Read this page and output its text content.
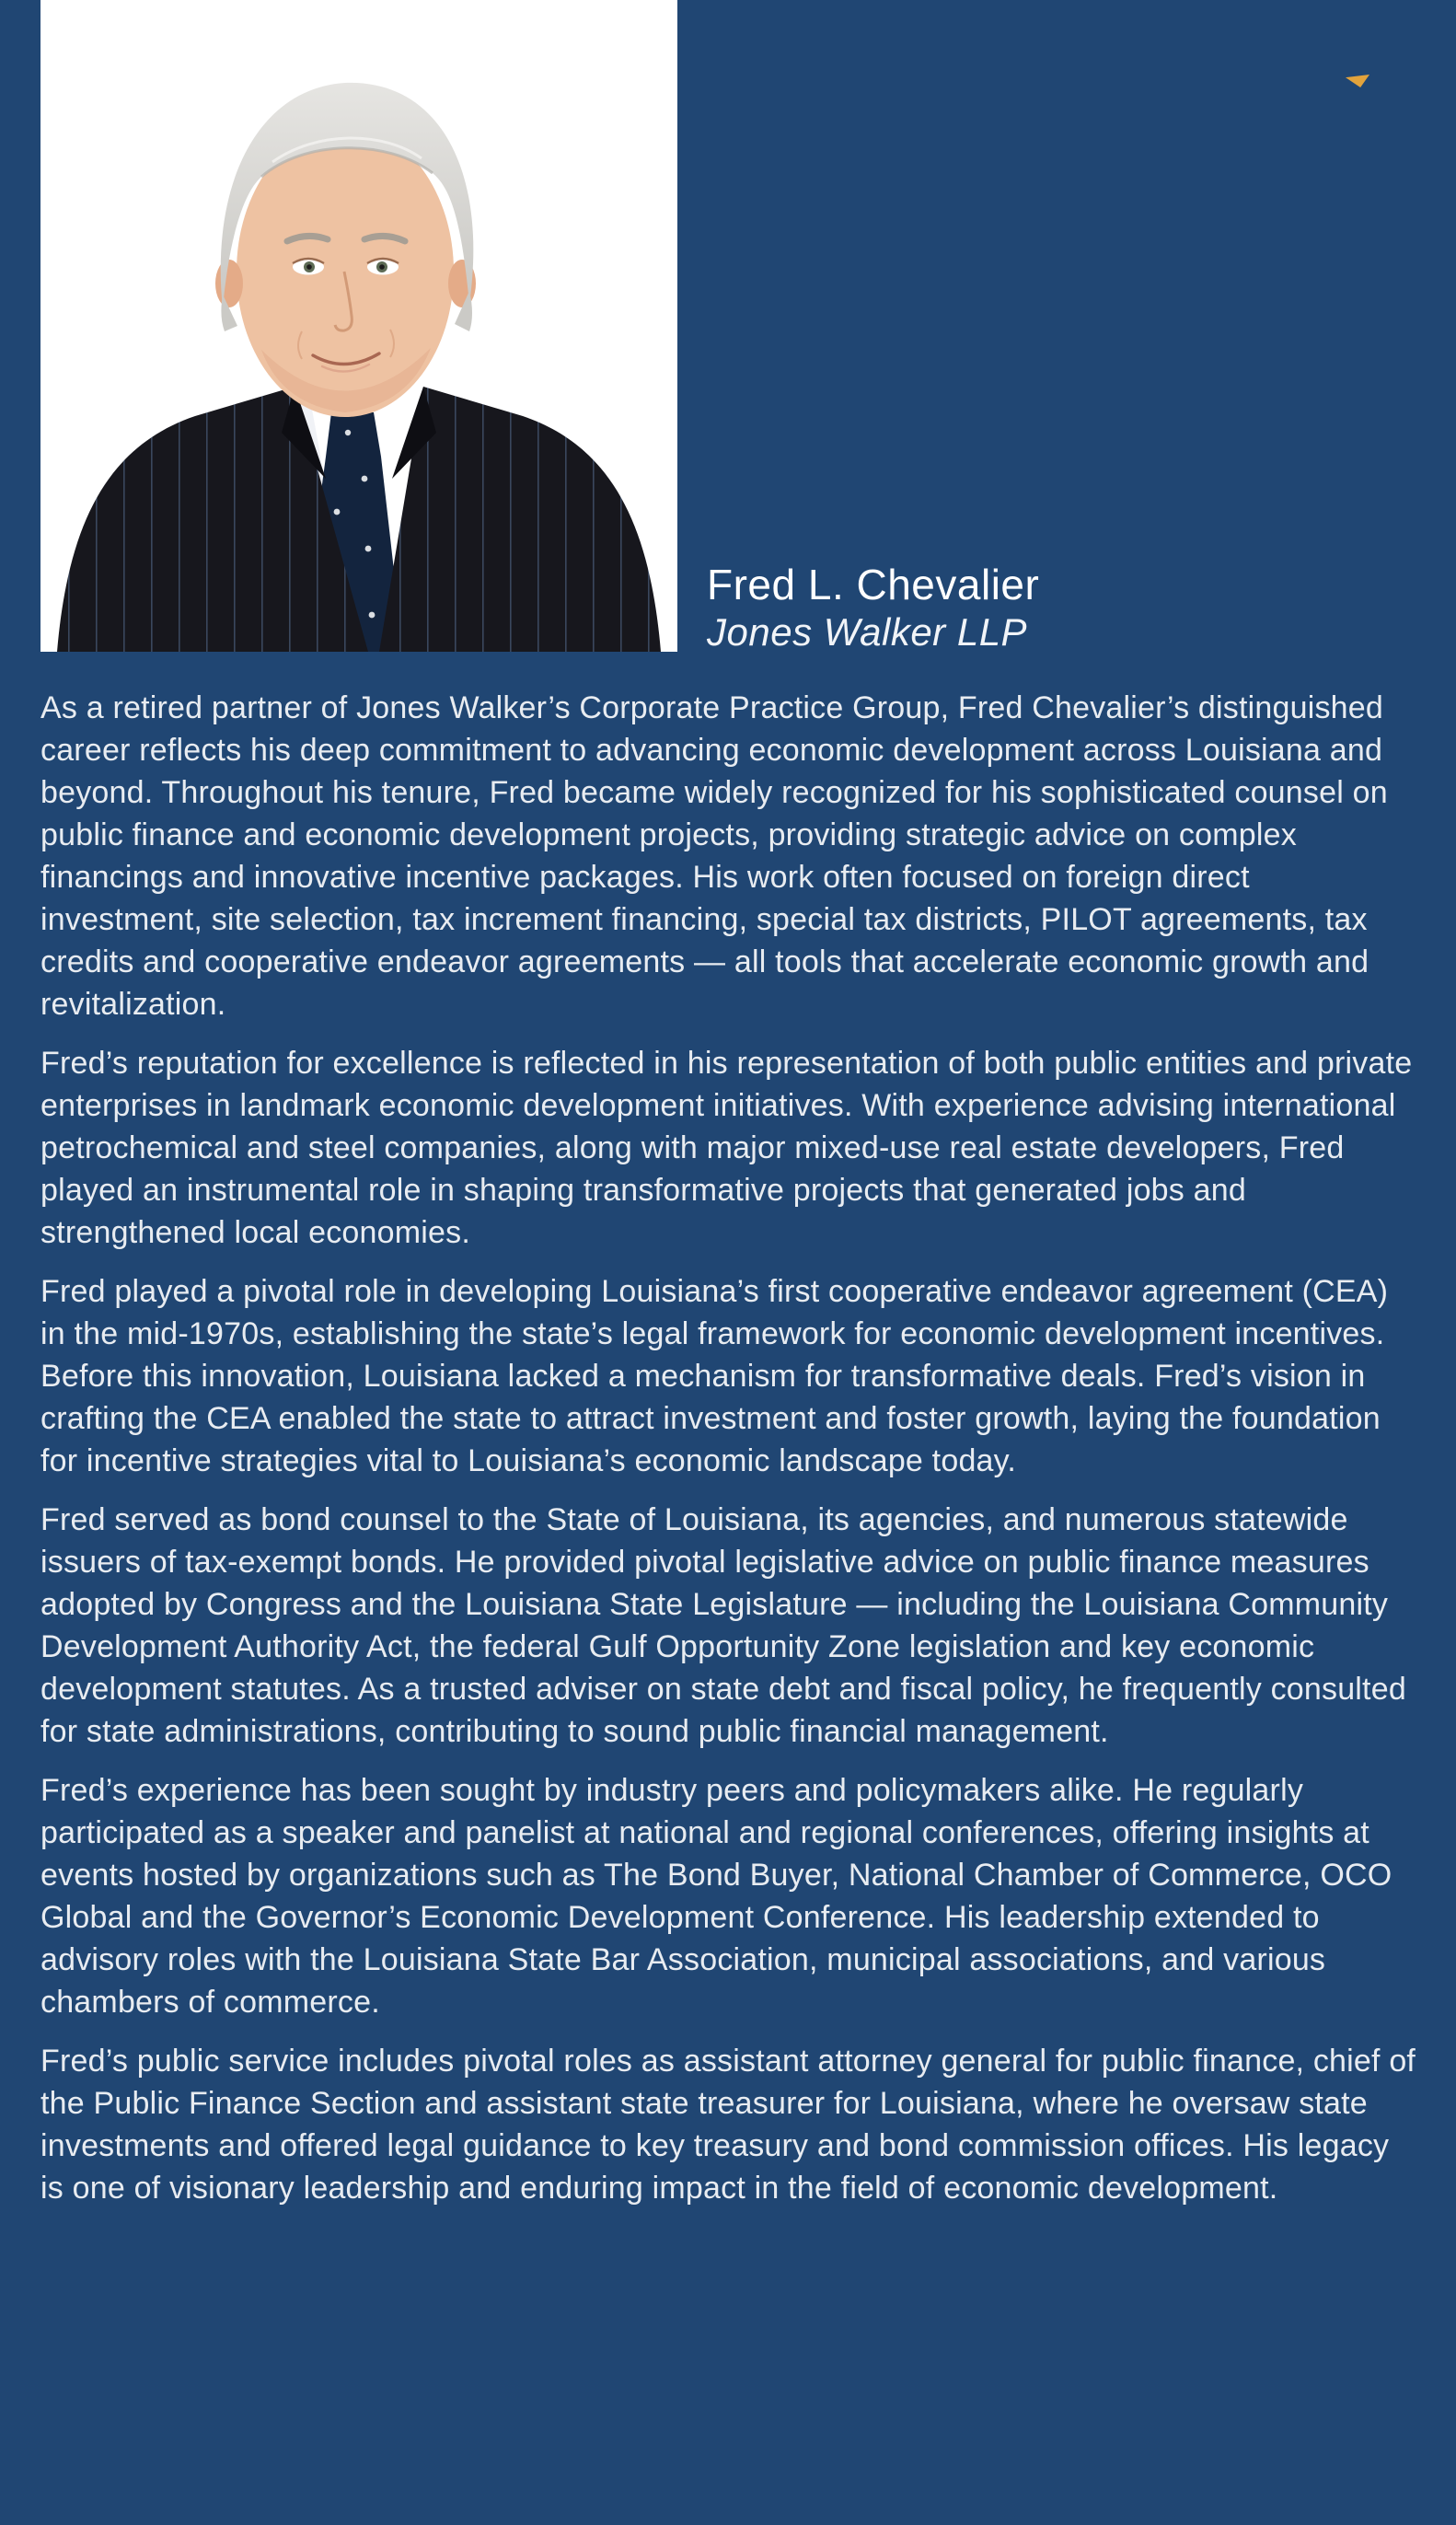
Fred L. Chevalier
Jones Walker LLP

As a retired partner of Jones Walker’s Corporate Practice Group, Fred Chevalier’s distinguished career reflects his deep commitment to advancing economic development across Louisiana and beyond. Throughout his tenure, Fred became widely recognized for his sophisticated counsel on public finance and economic development projects, providing strategic advice on complex financings and innovative incentive packages. His work often focused on foreign direct investment, site selection, tax increment financing, special tax districts, PILOT agreements, tax credits and cooperative endeavor agreements — all tools that accelerate economic growth and revitalization.

Fred’s reputation for excellence is reflected in his representation of both public entities and private enterprises in landmark economic development initiatives. With experience advising international petrochemical and steel companies, along with major mixed-use real estate developers, Fred played an instrumental role in shaping transformative projects that generated jobs and strengthened local economies.

Fred played a pivotal role in developing Louisiana’s first cooperative endeavor agreement (CEA) in the mid-1970s, establishing the state’s legal framework for economic development incentives. Before this innovation, Louisiana lacked a mechanism for transformative deals. Fred’s vision in crafting the CEA enabled the state to attract investment and foster growth, laying the foundation for incentive strategies vital to Louisiana’s economic landscape today.

Fred served as bond counsel to the State of Louisiana, its agencies, and numerous statewide issuers of tax-exempt bonds. He provided pivotal legislative advice on public finance measures adopted by Congress and the Louisiana State Legislature — including the Louisiana Community Development Authority Act, the federal Gulf Opportunity Zone legislation and key economic development statutes. As a trusted adviser on state debt and fiscal policy, he frequently consulted for state administrations, contributing to sound public financial management.

Fred’s experience has been sought by industry peers and policymakers alike. He regularly participated as a speaker and panelist at national and regional conferences, offering insights at events hosted by organizations such as The Bond Buyer, National Chamber of Commerce, OCO Global and the Governor’s Economic Development Conference. His leadership extended to advisory roles with the Louisiana State Bar Association, municipal associations, and various chambers of commerce.

Fred’s public service includes pivotal roles as assistant attorney general for public finance, chief of the Public Finance Section and assistant state treasurer for Louisiana, where he oversaw state investments and offered legal guidance to key treasury and bond commission offices. His legacy is one of visionary leadership and enduring impact in the field of economic development.
